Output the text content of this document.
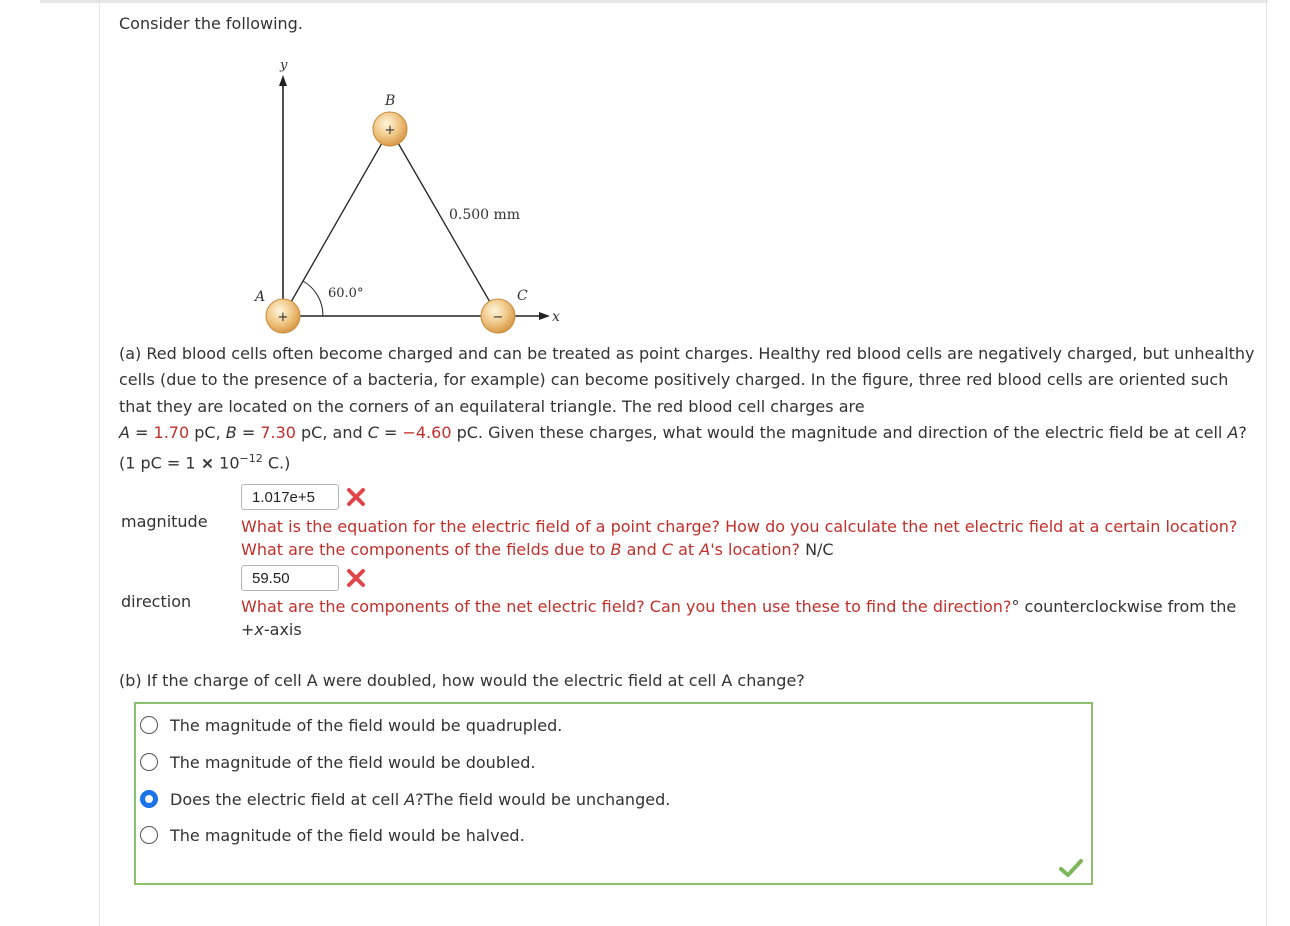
Consider the following.
y
x
60.0°
0.500 mm
+
A
+
B
−
C
(a) Red blood cells often become charged and can be treated as point charges. Healthy red blood cells are negatively charged, but unhealthy cells (due to the presence of a bacteria, for example) can become positively charged. In the figure, three red blood cells are oriented such that they are located on the corners of an equilateral triangle. The red blood cell charges are
A = 1.70 pC, B = 7.30 pC, and C = −4.60 pC. Given these charges, what would the magnitude and direction of the electric field be at cell A? (1 pC = $1 \times 10^{-12}$ C.)
1.017e+5
magnitude What is the equation for the electric field of a point charge? How do you calculate the net electric field at a certain location? What are the components of the fields due to B and C at A's location? N/C
59.50
direction	What are the components of the net electric field? Can you then use these to find the direction?° counterclockwise from the +x-axis
(b) If the charge of cell A were doubled, how would the electric field at cell A change?
The magnitude of the field would be quadrupled.
The magnitude of the field would be doubled.
Does the electric field at cell A?The field would be unchanged.
The magnitude of the field would be halved.
